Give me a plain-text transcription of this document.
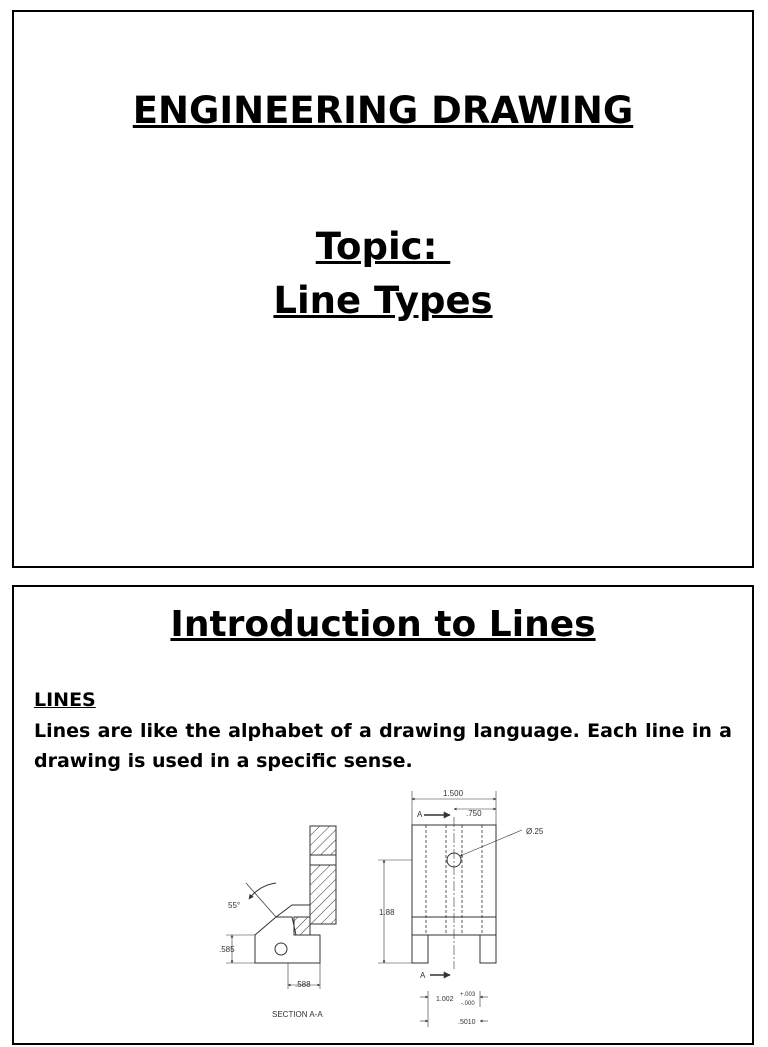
ENGINEERING DRAWING
Topic:
Line Types
Introduction to Lines
LINES
Lines are like the alphabet of a drawing language. Each line in a drawing is used in a specific sense.
55°
.585
.588
SECTION A-A
1.500
.750
A
A
Ø.25
1.88
1.002
+.003
-.000
.5010
